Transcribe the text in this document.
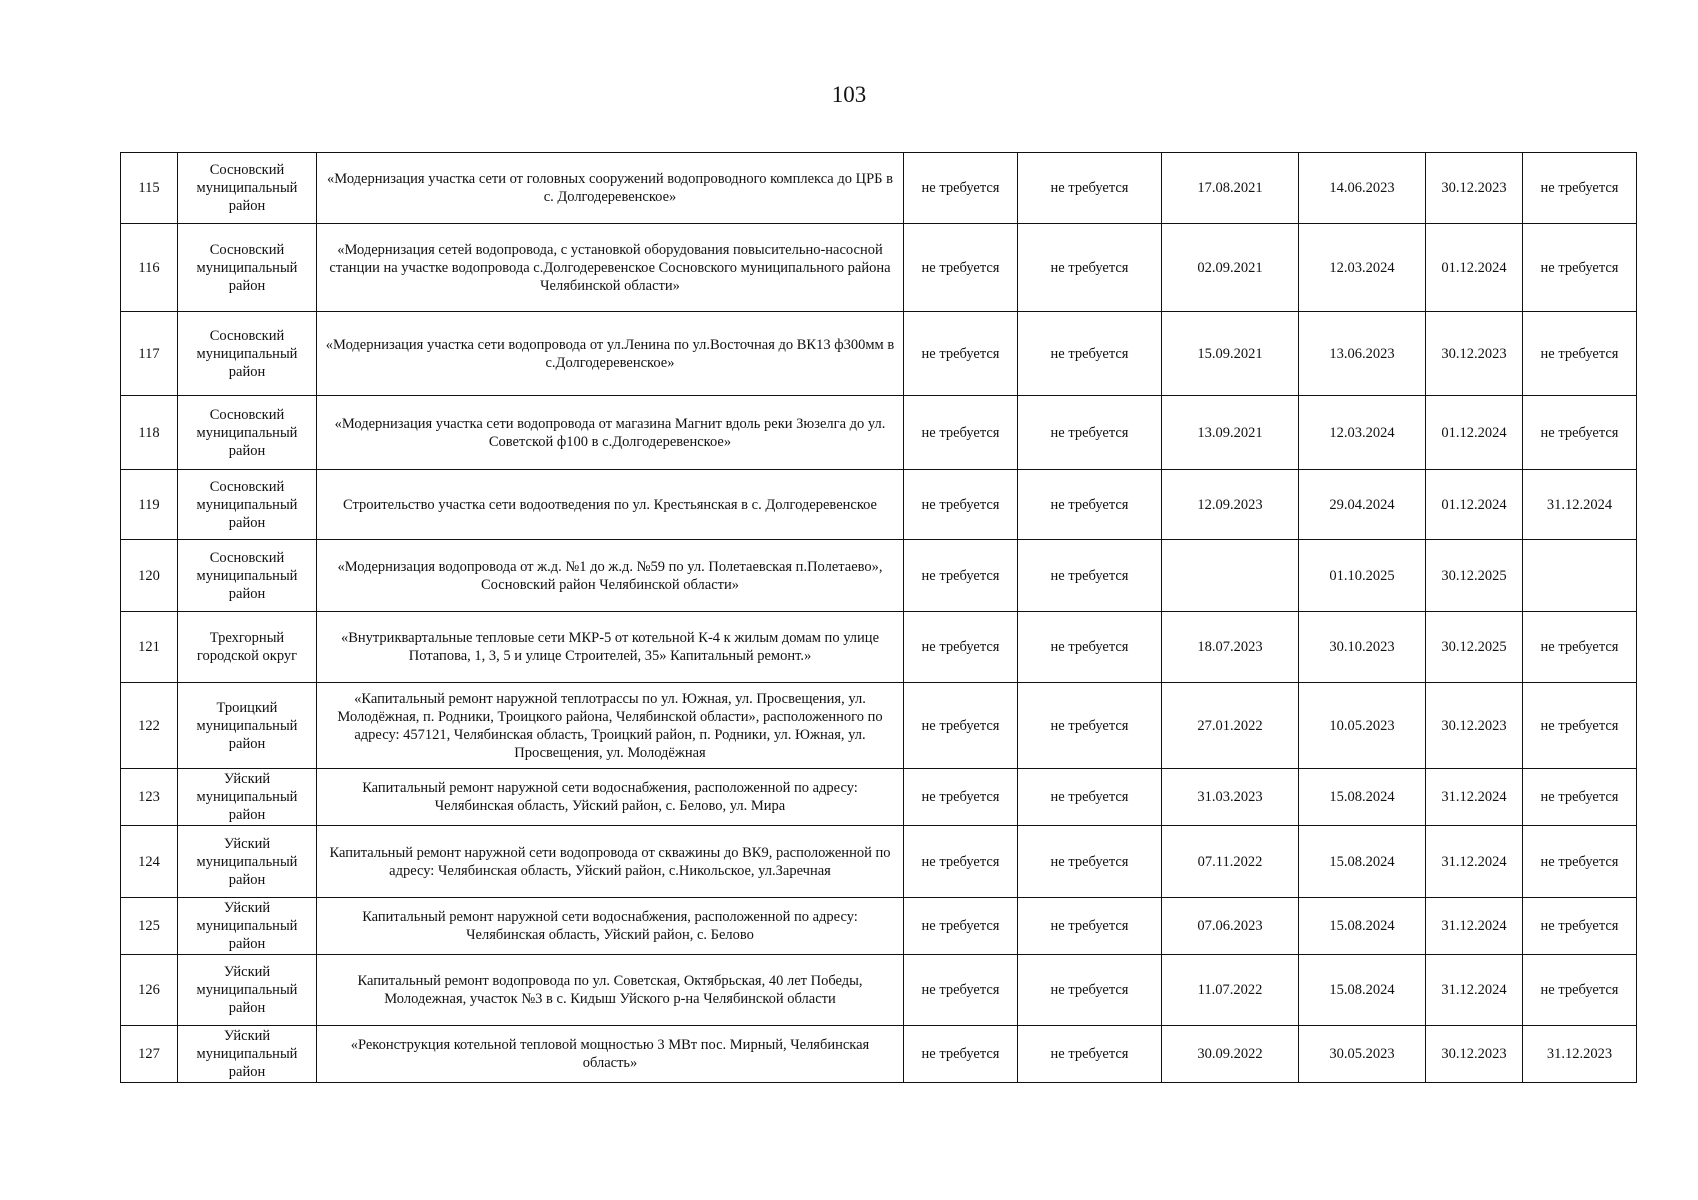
103
115	Сосновский муниципальный район	«Модернизация участка сети от головных сооружений водопроводного комплекса до ЦРБ в с. Долгодеревенское»	не требуется	не требуется	17.08.2021	14.06.2023	30.12.2023	не требуется
116	Сосновский муниципальный район	«Модернизация сетей водопровода, с установкой оборудования повысительно-насосной станции на участке водопровода с.Долгодеревенское Сосновского муниципального района Челябинской области»	не требуется	не требуется	02.09.2021	12.03.2024	01.12.2024	не требуется
117	Сосновский муниципальный район	«Модернизация участка сети водопровода от ул.Ленина по ул.Восточная до ВК13 ф300мм в с.Долгодеревенское»	не требуется	не требуется	15.09.2021	13.06.2023	30.12.2023	не требуется
118	Сосновский муниципальный район	«Модернизация участка сети водопровода от магазина Магнит вдоль реки Зюзелга до ул. Советской ф100 в с.Долгодеревенское»	не требуется	не требуется	13.09.2021	12.03.2024	01.12.2024	не требуется
119	Сосновский муниципальный район	Строительство участка сети водоотведения по ул. Крестьянская в с. Долгодеревенское	не требуется	не требуется	12.09.2023	29.04.2024	01.12.2024	31.12.2024
120	Сосновский муниципальный район	«Модернизация водопровода от ж.д. №1 до ж.д. №59 по ул. Полетаевская п.Полетаево», Сосновский район Челябинской области»	не требуется	не требуется		01.10.2025	30.12.2025	
121	Трехгорный городской округ	«Внутриквартальные тепловые сети МКР-5 от котельной К-4 к жилым домам по улице Потапова, 1, 3, 5 и улице Строителей, 35» Капитальный ремонт.»	не требуется	не требуется	18.07.2023	30.10.2023	30.12.2025	не требуется
122	Троицкий муниципальный район	«Капитальный ремонт наружной теплотрассы по ул. Южная, ул. Просвещения, ул. Молодёжная, п. Родники, Троицкого района, Челябинской области», расположенного по адресу: 457121, Челябинская область, Троицкий район, п. Родники, ул. Южная, ул. Просвещения, ул. Молодёжная	не требуется	не требуется	27.01.2022	10.05.2023	30.12.2023	не требуется
123	Уйский муниципальный район	Капитальный ремонт наружной сети водоснабжения, расположенной по адресу: Челябинская область, Уйский район, с. Белово, ул. Мира	не требуется	не требуется	31.03.2023	15.08.2024	31.12.2024	не требуется
124	Уйский муниципальный район	Капитальный ремонт наружной сети водопровода от скважины до ВК9, расположенной по адресу: Челябинская область, Уйский район, с.Никольское, ул.Заречная	не требуется	не требуется	07.11.2022	15.08.2024	31.12.2024	не требуется
125	Уйский муниципальный район	Капитальный ремонт наружной сети водоснабжения, расположенной по адресу: Челябинская область, Уйский район, с. Белово	не требуется	не требуется	07.06.2023	15.08.2024	31.12.2024	не требуется
126	Уйский муниципальный район	Капитальный ремонт водопровода по ул. Советская, Октябрьская, 40 лет Победы, Молодежная, участок №3 в с. Кидыш Уйского р-на Челябинской области	не требуется	не требуется	11.07.2022	15.08.2024	31.12.2024	не требуется
127	Уйский муниципальный район	«Реконструкция котельной тепловой мощностью 3 МВт пос. Мирный, Челябинская область»	не требуется	не требуется	30.09.2022	30.05.2023	30.12.2023	31.12.2023
